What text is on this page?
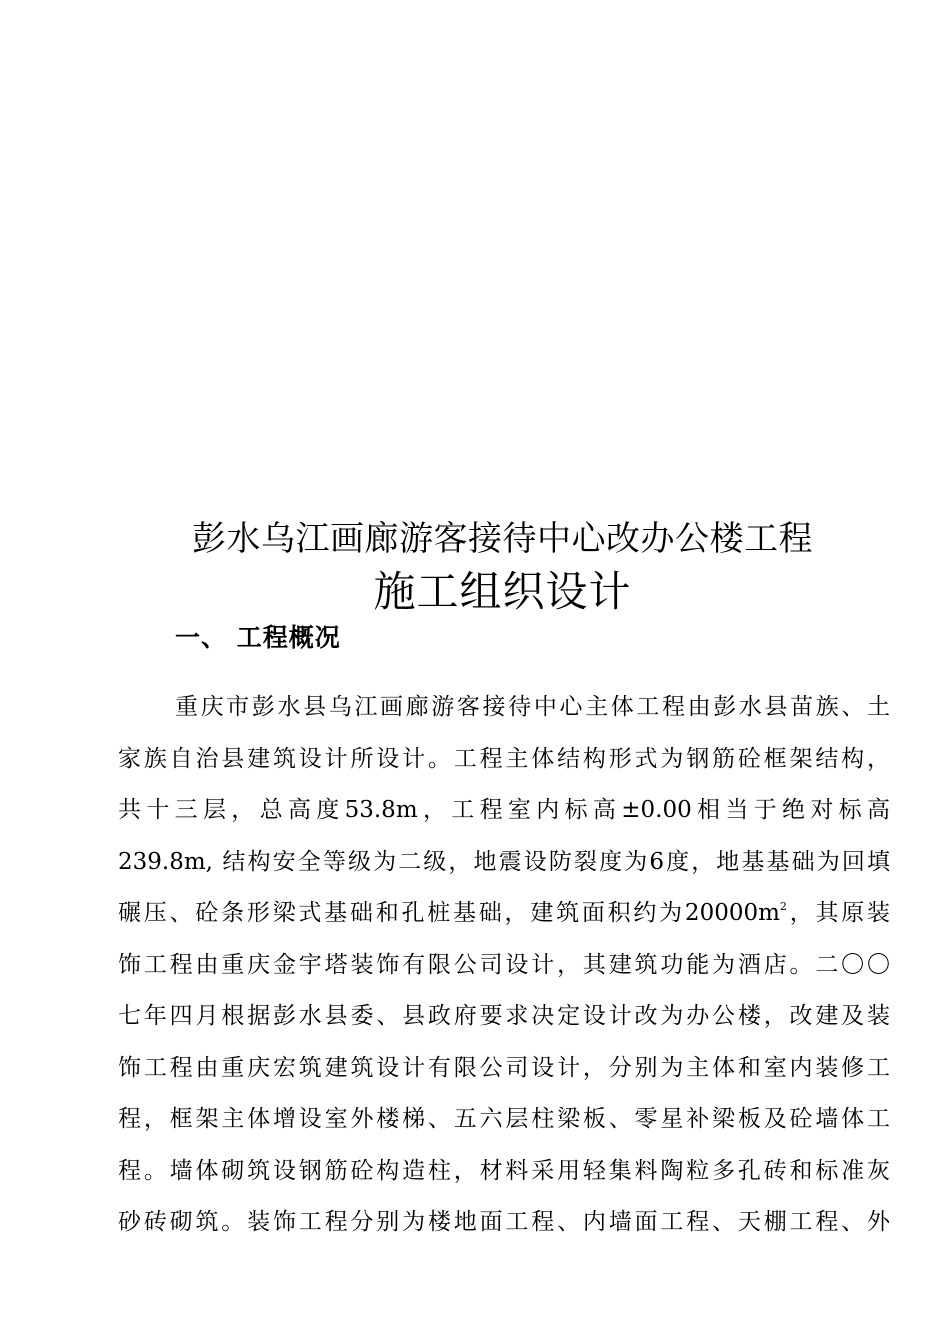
彭水乌江画廊游客接待中心改办公楼工程
施工组织设计
一、 工程概况
重庆市彭水县乌江画廊游客接待中心主体工程由彭水县苗族、土
家族自治县建筑设计所设计。工程主体结构形式为钢筋砼框架结构，
共十三层，总高度53.8m，工程室内标高±0.00相当于绝对标高
239.8m, 结构安全等级为二级，地震设防裂度为6度，地基基础为回填
碾压、砼条形梁式基础和孔桩基础，建筑面积约为$20000m^2$，其原装
饰工程由重庆金宇塔装饰有限公司设计，其建筑功能为酒店。二〇〇
七年四月根据彭水县委、县政府要求决定设计改为办公楼，改建及装
饰工程由重庆宏筑建筑设计有限公司设计，分别为主体和室内装修工
程，框架主体增设室外楼梯、五六层柱梁板、零星补梁板及砼墙体工
程。墙体砌筑设钢筋砼构造柱，材料采用轻集料陶粒多孔砖和标准灰
砂砖砌筑。装饰工程分别为楼地面工程、内墙面工程、天棚工程、外
